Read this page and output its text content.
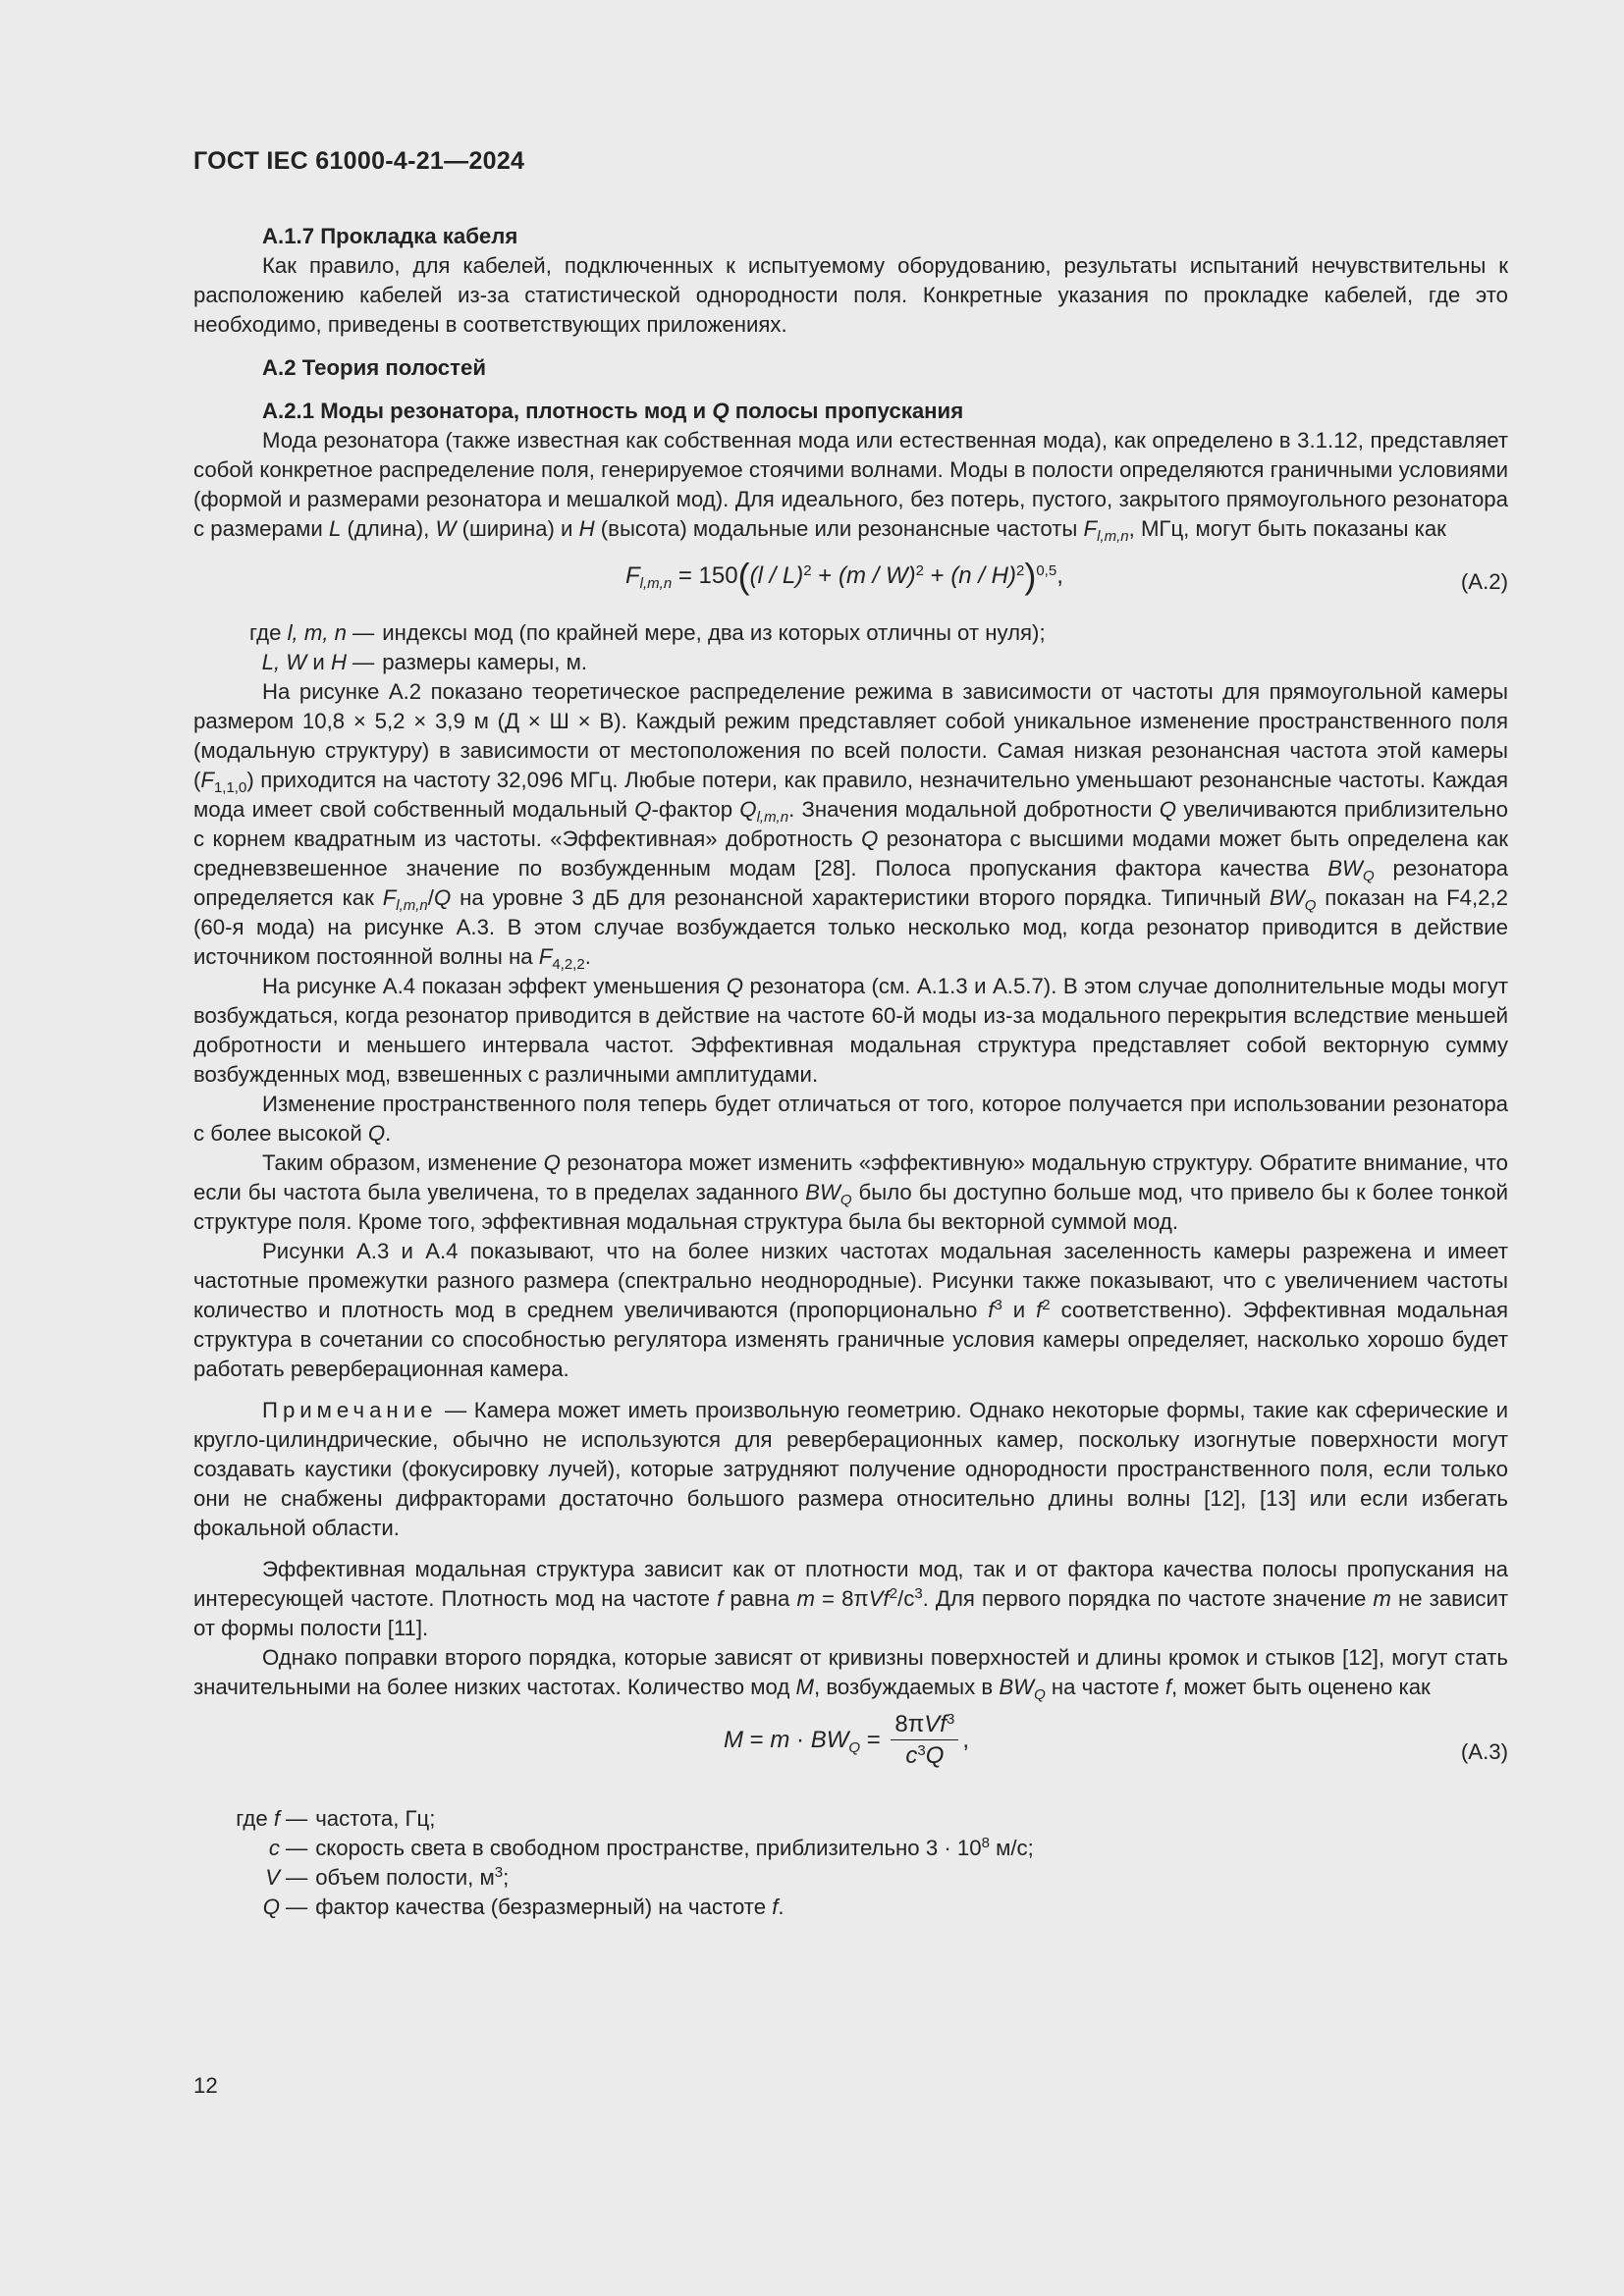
ГОСТ IEC 61000-4-21—2024
А.1.7 Прокладка кабеля

Как правило, для кабелей, подключенных к испытуемому оборудованию, результаты испытаний нечувствительны к расположению кабелей из-за статистической однородности поля. Конкретные указания по прокладке кабелей, где это необходимо, приведены в соответствующих приложениях.

А.2 Теория полостей
А.2.1 Моды резонатора, плотность мод и Q полосы пропускания

Мода резонатора (также известная как собственная мода или естественная мода), как определено в 3.1.12, представляет собой конкретное распределение поля, генерируемое стоячими волнами. Моды в полости определяются граничными условиями (формой и размерами резонатора и мешалкой мод). Для идеального, без потерь, пустого, закрытого прямоугольного резонатора с размерами L (длина), W (ширина) и H (высота) модальные или резонансные частоты $F_{l,m,n}$, МГц, могут быть показаны как

$F_{l,m,n} = 150((l / L)^2 + (m / W)^2 + (n / H)^2)^{0,5}$,	(А.2)
где l, m, n — индексы мод (по крайней мере, два из которых отличны от нуля);
L, W и H — размеры камеры, м.

На рисунке А.2 показано теоретическое распределение режима в зависимости от частоты для прямоугольной камеры размером 10,8 × 5,2 × 3,9 м (Д × Ш × В). Каждый режим представляет собой уникальное изменение пространственного поля (модальную структуру) в зависимости от местоположения по всей полости. Самая низкая резонансная частота этой камеры $(F_{1,1,0})$ приходится на частоту 32,096 МГц. Любые потери, как правило, незначительно уменьшают резонансные частоты. Каждая мода имеет свой собственный модальный Q-фактор $Q_{l,m,n}$. Значения модальной добротности Q увеличиваются приблизительно с корнем квадратным из частоты. «Эффективная» добротность Q резонатора с высшими модами может быть определена как средневзвешенное значение по возбужденным модам [28]. Полоса пропускания фактора качества $BW_Q$ резонатора определяется как $F_{l,m,n}/Q$ на уровне 3 дБ для резонансной характеристики второго порядка. Типичный $BW_Q$ показан на F4,2,2 (60-я мода) на рисунке А.3. В этом случае возбуждается только несколько мод, когда резонатор приводится в действие источником постоянной волны на $F_{4,2,2}$.

На рисунке А.4 показан эффект уменьшения Q резонатора (см. А.1.3 и А.5.7). В этом случае дополнительные моды могут возбуждаться, когда резонатор приводится в действие на частоте 60-й моды из-за модального перекрытия вследствие меньшей добротности и меньшего интервала частот. Эффективная модальная структура представляет собой векторную сумму возбужденных мод, взвешенных с различными амплитудами.

Изменение пространственного поля теперь будет отличаться от того, которое получается при использовании резонатора с более высокой Q.

Таким образом, изменение Q резонатора может изменить «эффективную» модальную структуру. Обратите внимание, что если бы частота была увеличена, то в пределах заданного $BW_Q$ было бы доступно больше мод, что привело бы к более тонкой структуре поля. Кроме того, эффективная модальная структура была бы векторной суммой мод.

Рисунки А.3 и А.4 показывают, что на более низких частотах модальная заселенность камеры разрежена и имеет частотные промежутки разного размера (спектрально неоднородные). Рисунки также показывают, что с увеличением частоты количество и плотность мод в среднем увеличиваются (пропорционально $f^3$ и $f^2$ соответственно). Эффективная модальная структура в сочетании со способностью регулятора изменять граничные условия камеры определяет, насколько хорошо будет работать реверберационная камера.

Примечание — Камера может иметь произвольную геометрию. Однако некоторые формы, такие как сферические и кругло-цилиндрические, обычно не используются для реверберационных камер, поскольку изогнутые поверхности могут создавать каустики (фокусировку лучей), которые затрудняют получение однородности пространственного поля, если только они не снабжены дифракторами достаточно большого размера относительно длины волны [12], [13] или если избегать фокальной области.

Эффективная модальная структура зависит как от плотности мод, так и от фактора качества полосы пропускания на интересующей частоте. Плотность мод на частоте f равна $m = 8\pi Vf^2/c^3$. Для первого порядка по частоте значение m не зависит от формы полости [11].

Однако поправки второго порядка, которые зависят от кривизны поверхностей и длины кромок и стыков [12], могут стать значительными на более низких частотах. Количество мод M, возбуждаемых в $BW_Q$ на частоте f, может быть оценено как

$M = m \cdot BW_Q = \frac{8\pi Vf^3}{c^3Q}$ ,	(А.3)
где f — частота, Гц;
c — скорость света в свободном пространстве, приблизительно $3 \cdot 10^8$ м/с;
V — объем полости, $м^3$;
Q — фактор качества (безразмерный) на частоте f.
12
